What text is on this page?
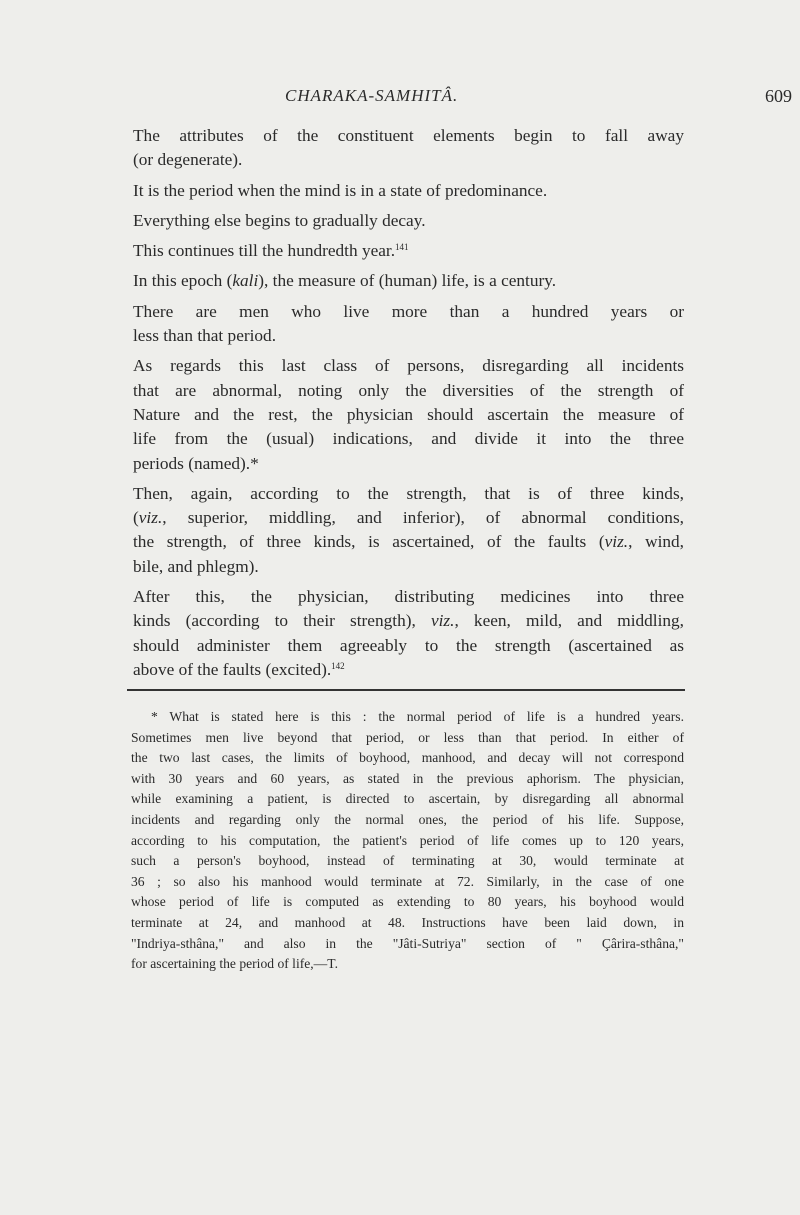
CHARAKA-SAMHITÂ.	609
The attributes of the constituent elements begin to fall away
(or degenerate).
It is the period when the mind is in a state of predominance.
Everything else begins to gradually decay.
This continues till the hundredth year.$^{141}$
In this epoch (kali), the measure of (human) life, is a century.
There are men who live more than a hundred years or
less than that period.
As regards this last class of persons, disregarding all incidents
that are abnormal, noting only the diversities of the strength of
Nature and the rest, the physician should ascertain the measure of
life from the (usual) indications, and divide it into the three
periods (named).*
Then, again, according to the strength, that is of three kinds,
(viz., superior, middling, and inferior), of abnormal conditions,
the strength, of three kinds, is ascertained, of the faults (viz., wind,
bile, and phlegm).
After this, the physician, distributing medicines into three
kinds (according to their strength), viz., keen, mild, and middling,
should administer them agreeably to the strength (ascertained as
above of the faults (excited).$^{142}$
* What is stated here is this : the normal period of life is a hundred years.
Sometimes men live beyond that period, or less than that period. In either of
the two last cases, the limits of boyhood, manhood, and decay will not correspond
with 30 years and 60 years, as stated in the previous aphorism. The physician,
while examining a patient, is directed to ascertain, by disregarding all abnormal
incidents and regarding only the normal ones, the period of his life. Suppose,
according to his computation, the patient's period of life comes up to 120 years,
such a person's boyhood, instead of terminating at 30, would terminate at
36 ; so also his manhood would terminate at 72. Similarly, in the case of one
whose period of life is computed as extending to 80 years, his boyhood would
terminate at 24, and manhood at 48. Instructions have been laid down, in
"Indriya-sthâna," and also in the "Jâti-Sutriya" section of " Çârira-sthâna,"
for ascertaining the period of life,—T.
